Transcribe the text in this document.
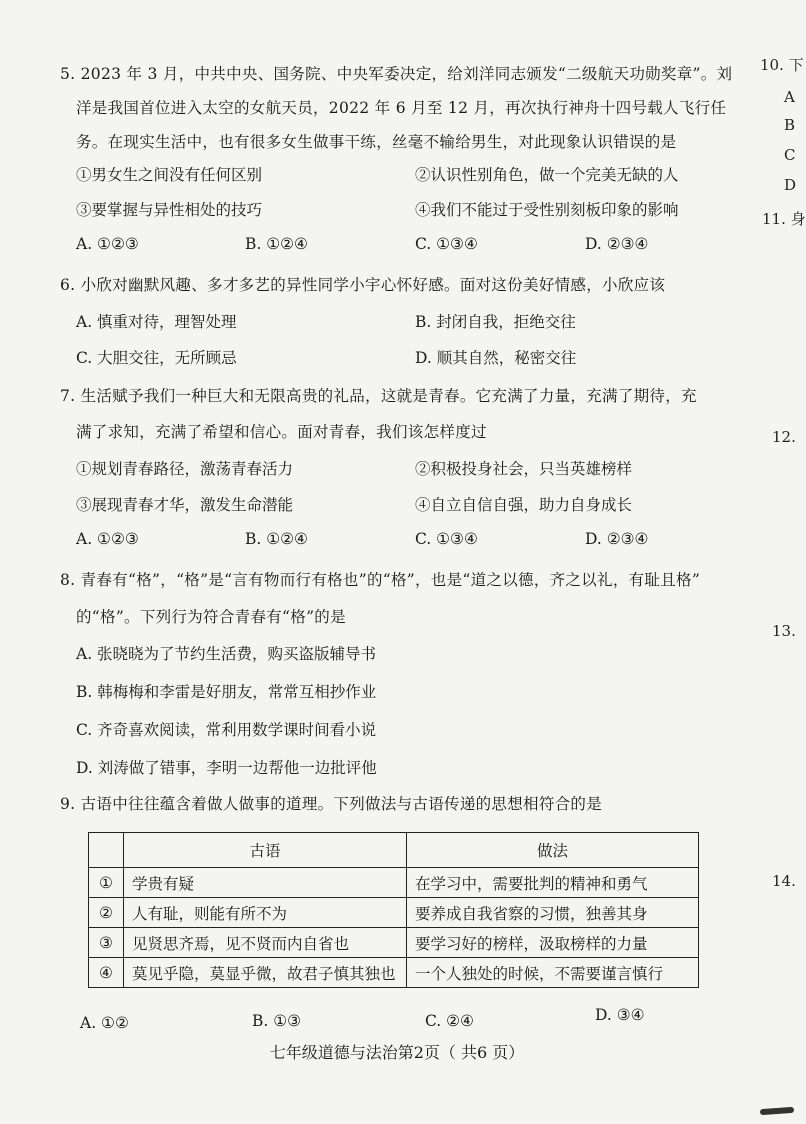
5. 2023 年 3 月，中共中央、国务院、中央军委决定，给刘洋同志颁发“二级航天功勋奖章”。刘
洋是我国首位进入太空的女航天员，2022 年 6 月至 12 月，再次执行神舟十四号载人飞行任
务。在现实生活中，也有很多女生做事干练，丝毫不输给男生，对此现象认识错误的是
①男女生之间没有任何区别	②认识性别角色，做一个完美无缺的人
③要掌握与异性相处的技巧	④我们不能过于受性别刻板印象的影响
A. ①②③	B. ①②④	C. ①③④	D. ②③④
6. 小欣对幽默风趣、多才多艺的异性同学小宇心怀好感。面对这份美好情感，小欣应该
A. 慎重对待，理智处理	B. 封闭自我，拒绝交往
C. 大胆交往，无所顾忌	D. 顺其自然，秘密交往
7. 生活赋予我们一种巨大和无限高贵的礼品，这就是青春。它充满了力量，充满了期待，充
满了求知，充满了希望和信心。面对青春，我们该怎样度过
①规划青春路径，激荡青春活力	②积极投身社会，只当英雄榜样
③展现青春才华，激发生命潜能	④自立自信自强，助力自身成长
A. ①②③	B. ①②④	C. ①③④	D. ②③④
8. 青春有“格”，“格”是“言有物而行有格也”的“格”，也是“道之以德，齐之以礼，有耻且格”
的“格”。下列行为符合青春有“格”的是
A. 张晓晓为了节约生活费，购买盗版辅导书
B. 韩梅梅和李雷是好朋友，常常互相抄作业
C. 齐奇喜欢阅读，常利用数学课时间看小说
D. 刘涛做了错事，李明一边帮他一边批评他
9. 古语中往往蕴含着做人做事的道理。下列做法与古语传递的思想相符合的是
	古语	做法
①	学贵有疑	在学习中，需要批判的精神和勇气
②	人有耻，则能有所不为	要养成自我省察的习惯，独善其身
③	见贤思齐焉，见不贤而内自省也	要学习好的榜样，汲取榜样的力量
④	莫见乎隐，莫显乎微，故君子慎其独也	一个人独处的时候，不需要谨言慎行
A. ①②	B. ①③	C. ②④	D. ③④
七年级道德与法治第2页（ 共6 页）
10. 下
A
B
C
D
11. 身
12.
13.
14.
